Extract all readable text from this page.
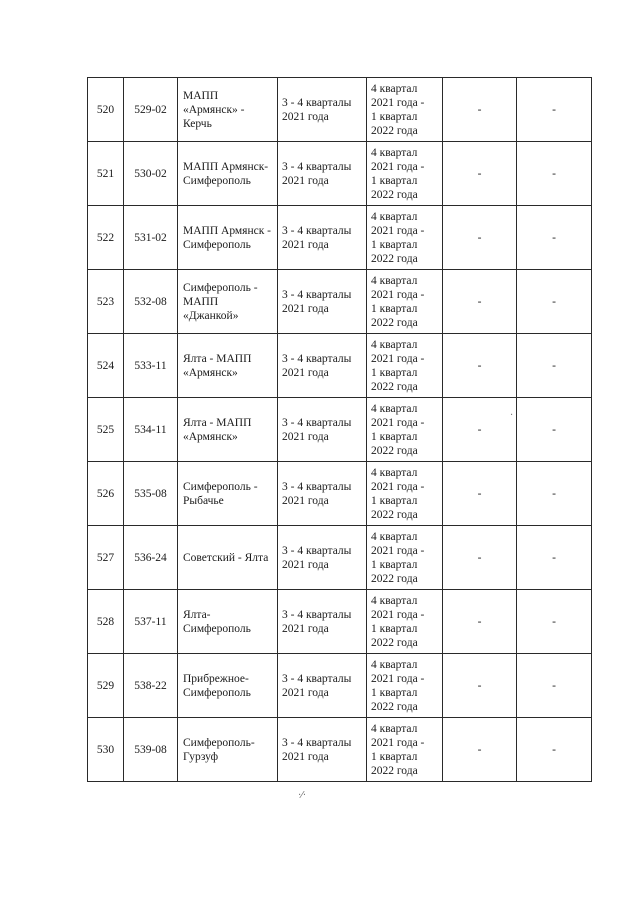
520	529-02	МАПП
«Армянск» -
Керчь	3 - 4 кварталы
2021 года	4 квартал
2021 года -
1 квартал
2022 года	-	-
521	530-02	МАПП Армянск-
Симферополь	3 - 4 кварталы
2021 года	4 квартал
2021 года -
1 квартал
2022 года	-	-
522	531-02	МАПП Армянск -
Симферополь	3 - 4 кварталы
2021 года	4 квартал
2021 года -
1 квартал
2022 года	-	-
523	532-08	Симферополь -
МАПП
«Джанкой»	3 - 4 кварталы
2021 года	4 квартал
2021 года -
1 квартал
2022 года	-	-
524	533-11	Ялта - МАПП
«Армянск»	3 - 4 кварталы
2021 года	4 квартал
2021 года -
1 квартал
2022 года	-	-
525	534-11	Ялта - МАПП
«Армянск»	3 - 4 кварталы
2021 года	4 квартал
2021 года -
1 квартал
2022 года	-	-
526	535-08	Симферополь -
Рыбачье	3 - 4 кварталы
2021 года	4 квартал
2021 года -
1 квартал
2022 года	-	-
527	536-24	Советский - Ялта	3 - 4 кварталы
2021 года	4 квартал
2021 года -
1 квартал
2022 года	-	-
528	537-11	Ялта-
Симферополь	3 - 4 кварталы
2021 года	4 квартал
2021 года -
1 квартал
2022 года	-	-
529	538-22	Прибрежное-
Симферополь	3 - 4 кварталы
2021 года	4 квартал
2021 года -
1 квартал
2022 года	-	-
530	539-08	Симферополь-
Гурзуф	3 - 4 кварталы
2021 года	4 квартал
2021 года -
1 квартал
2022 года	-	-
·⁄·
·
